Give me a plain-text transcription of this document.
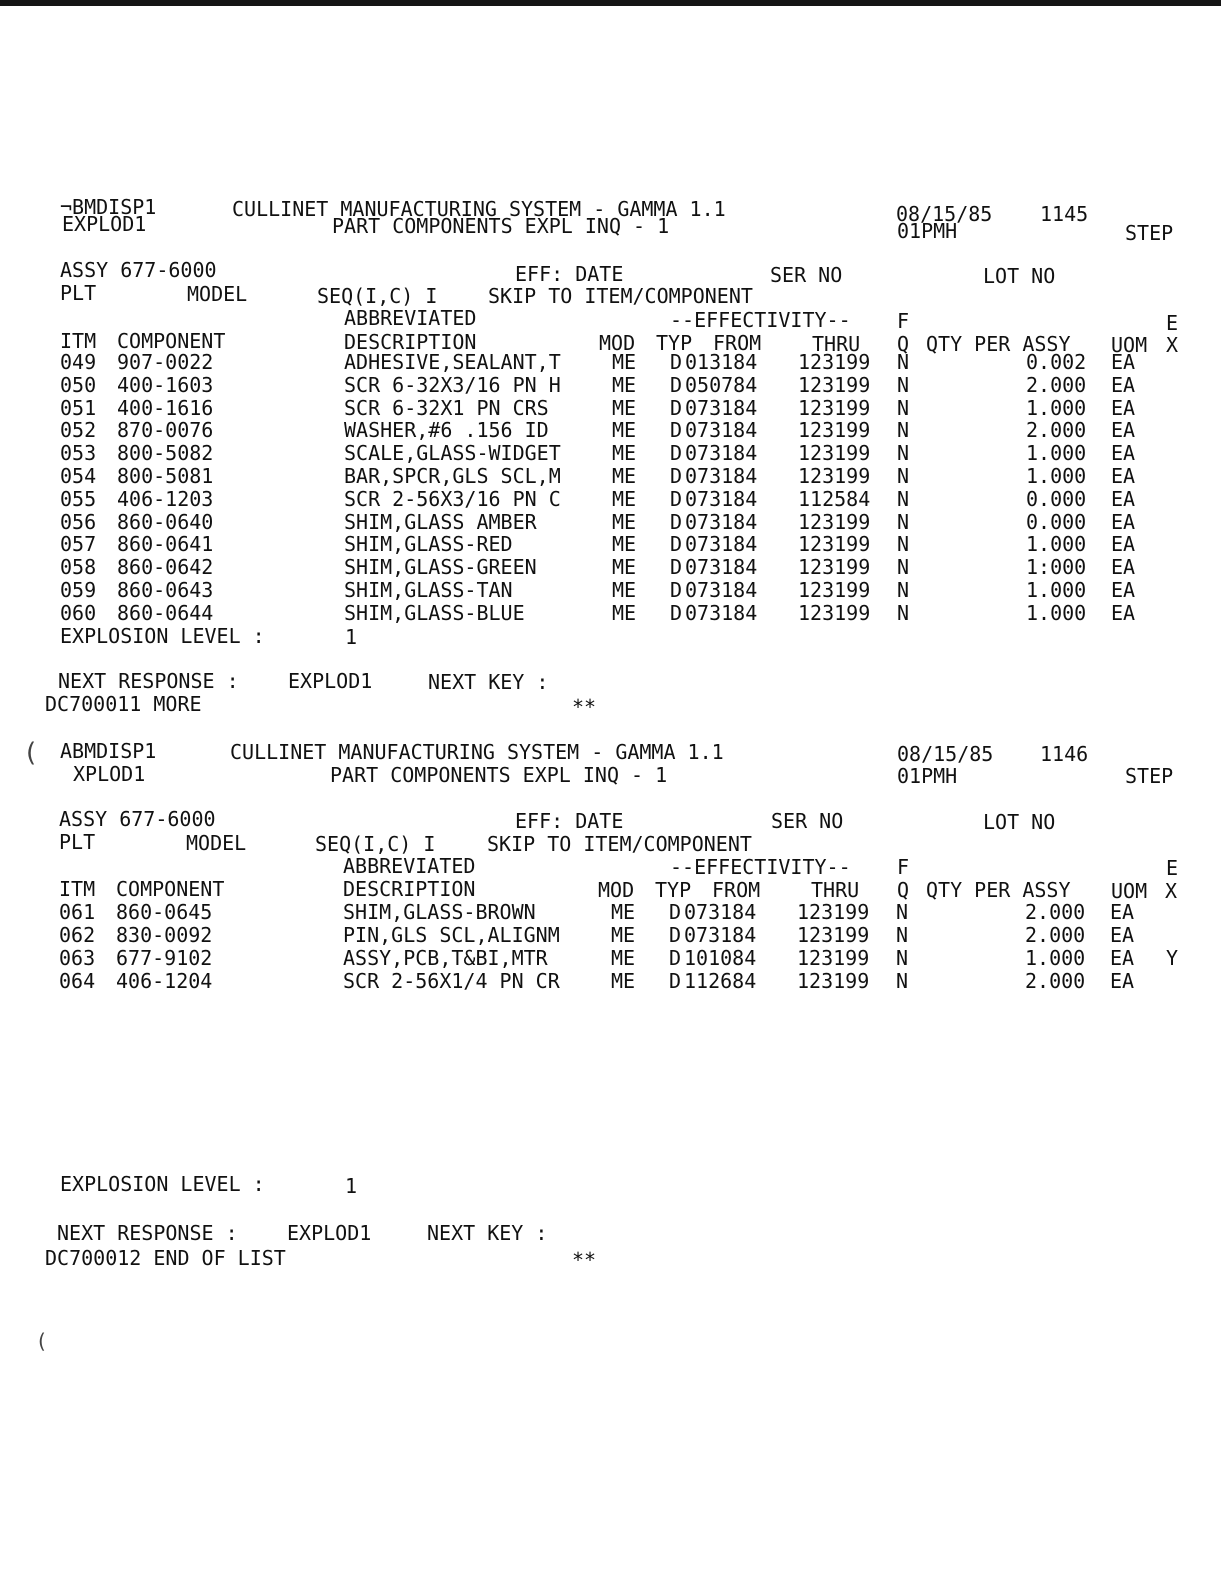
¬BMDISP1	CULLINET MANUFACTURING SYSTEM - GAMMA 1.1	08/15/85 1145
EXPLOD1	PART COMPONENTS EXPL INQ - 1	01PMH	STEP
ASSY 677-6000	EFF: DATE	SER NO	LOT NO
PLT	MODEL	SEQ(I,C) I	SKIP TO ITEM/COMPONENT
ABBREVIATED	--EFFECTIVITY-- F	E
ITM COMPONENT	DESCRIPTION	MOD TYP FROM	THRU Q QTY PER ASSY UOM X
049 907-0022	ADHESIVE,SEALANT,T	ME D 013184 123199 N	0.002 EA
050 400-1603	SCR 6-32X3/16 PN H	ME D 050784 123199 N	2.000 EA
051 400-1616	SCR 6-32X1 PN CRS	ME D 073184 123199 N	1.000 EA
052 870-0076	WASHER,#6 .156 ID	ME D 073184 123199 N	2.000 EA
053 800-5082	SCALE,GLASS-WIDGET	ME D 073184 123199 N	1.000 EA
054 800-5081	BAR,SPCR,GLS SCL,M	ME D 073184 123199 N	1.000 EA
055 406-1203	SCR 2-56X3/16 PN C	ME D 073184 112584 N	0.000 EA
056 860-0640	SHIM,GLASS AMBER	ME D 073184 123199 N	0.000 EA
057 860-0641	SHIM,GLASS-RED	ME D 073184 123199 N	1.000 EA
058 860-0642	SHIM,GLASS-GREEN	ME D 073184 123199 N	1:000 EA
059 860-0643	SHIM,GLASS-TAN	ME D 073184 123199 N	1.000 EA
060 860-0644	SHIM,GLASS-BLUE	ME D 073184 123199 N	1.000 EA
EXPLOSION LEVEL :	1
NEXT RESPONSE : EXPLOD1	NEXT KEY :
DC700011 MORE	**
ABMDISP1	CULLINET MANUFACTURING SYSTEM - GAMMA 1.1	08/15/85 1146
XPLOD1	PART COMPONENTS EXPL INQ - 1	01PMH	STEP
ASSY 677-6000	EFF: DATE	SER NO	LOT NO
PLT	MODEL	SEQ(I,C) I	SKIP TO ITEM/COMPONENT
ABBREVIATED	--EFFECTIVITY-- F	E
ITM COMPONENT	DESCRIPTION	MOD TYP FROM	THRU Q QTY PER ASSY UOM X
061 860-0645	SHIM,GLASS-BROWN	ME D 073184 123199 N	2.000 EA
062 830-0092	PIN,GLS SCL,ALIGNM	ME D 073184 123199 N	2.000 EA
063 677-9102	ASSY,PCB,T&BI,MTR	ME D 101084 123199 N	1.000 EA Y
064 406-1204	SCR 2-56X1/4 PN CR	ME D 112684 123199 N	2.000 EA
EXPLOSION LEVEL :	1
NEXT RESPONSE : EXPLOD1	NEXT KEY :
DC700012 END OF LIST	**
(
(
